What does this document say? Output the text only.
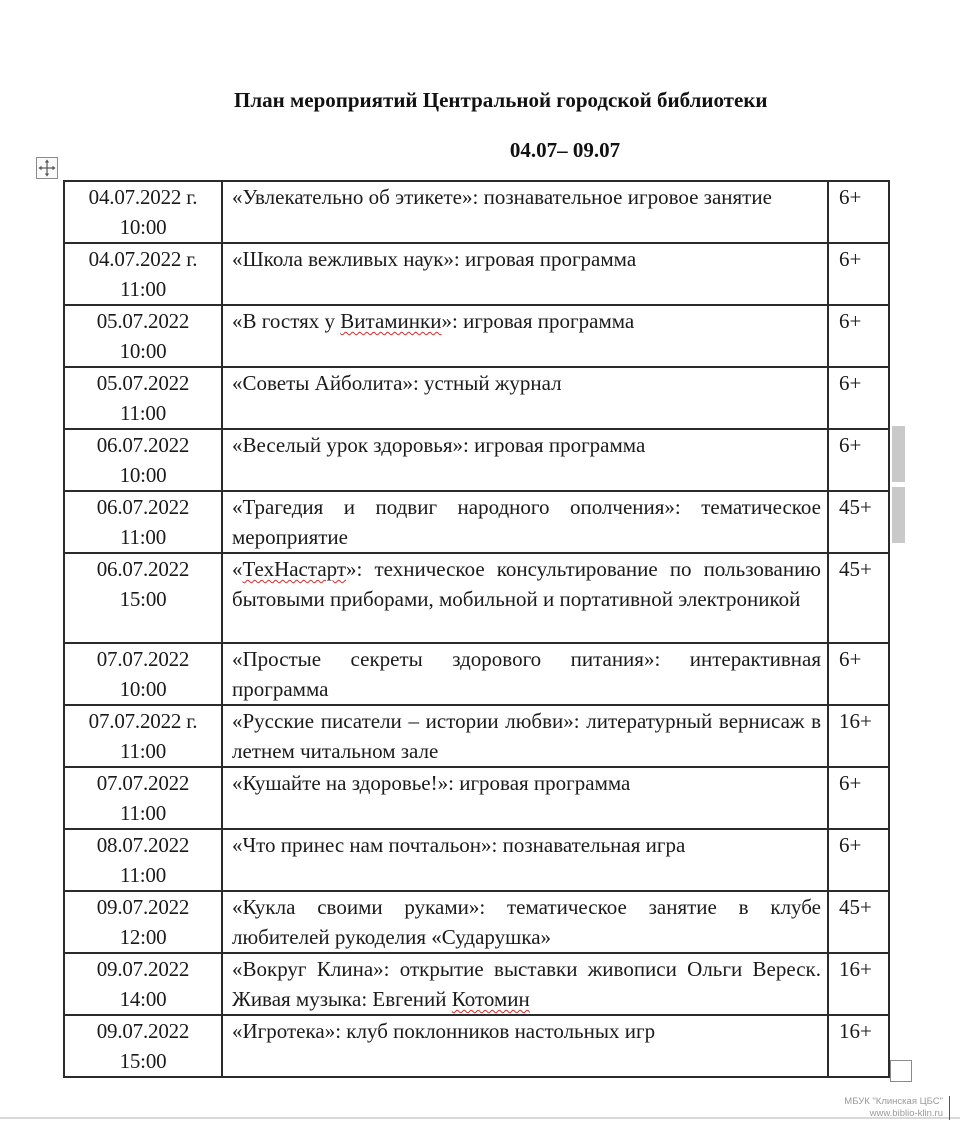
План мероприятий Центральной городской библиотеки
04.07– 09.07
04.07.2022 г.
10:00	«Увлекательно об этикете»: познавательное игровое занятие	6+

04.07.2022 г.
11:00	«Школа вежливых наук»: игровая программа	6+

05.07.2022
10:00	«В гостях у Витаминки»: игровая программа	6+

05.07.2022
11:00	«Советы Айболита»: устный журнал	6+

06.07.2022
10:00	«Веселый урок здоровья»: игровая программа	6+

06.07.2022
11:00	«Трагедия и подвиг народного ополчения»: тематическое мероприятие	45+

06.07.2022
15:00	«ТехНастарт»: техническое консультирование по пользованию бытовыми приборами, мобильной и портативной электроникой	45+

07.07.2022
10:00	«Простые секреты здорового питания»: интерактивная программа	6+

07.07.2022 г.
11:00	«Русские писатели – истории любви»: литературный вернисаж в летнем читальном зале	16+

07.07.2022
11:00	«Кушайте на здоровье!»: игровая программа	6+

08.07.2022
11:00	«Что принес нам почтальон»: познавательная игра	6+

09.07.2022
12:00	«Кукла своими руками»: тематическое занятие в клубе любителей рукоделия «Сударушка»	45+

09.07.2022
14:00	«Вокруг Клина»: открытие выставки живописи Ольги Вереск. Живая музыка: Евгений Котомин	16+

09.07.2022
15:00	«Игротека»: клуб поклонников настольных игр	16+
МБУК "Клинская ЦБС"
www.biblio-klin.ru
